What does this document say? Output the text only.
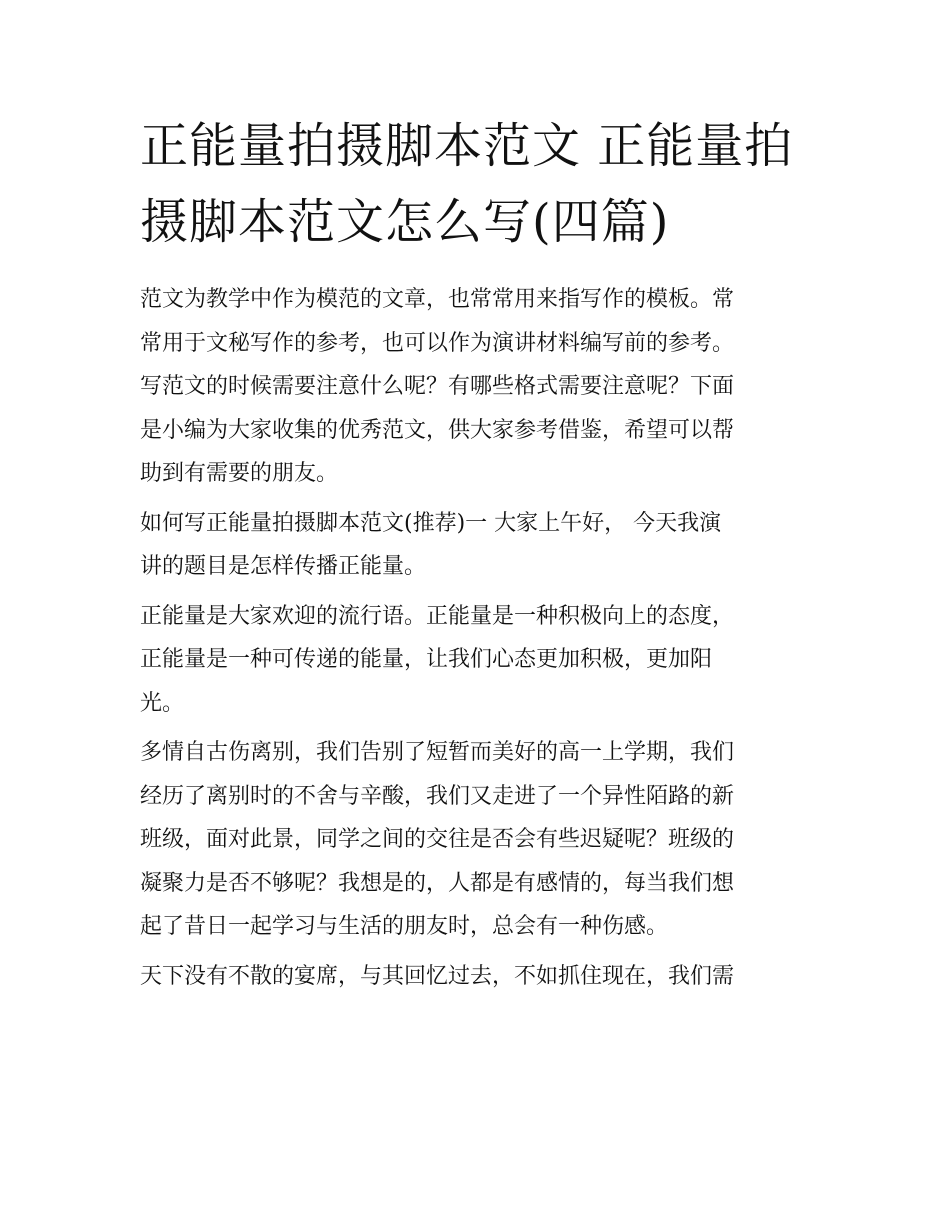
正能量拍摄脚本范文 正能量拍
摄脚本范文怎么写(四篇)

范文为教学中作为模范的文章，也常常用来指写作的模板。常
常用于文秘写作的参考，也可以作为演讲材料编写前的参考。
写范文的时候需要注意什么呢？有哪些格式需要注意呢？下面
是小编为大家收集的优秀范文，供大家参考借鉴，希望可以帮
助到有需要的朋友。

如何写正能量拍摄脚本范文(推荐)一 大家上午好， 今天我演
讲的题目是怎样传播正能量。

正能量是大家欢迎的流行语。正能量是一种积极向上的态度，
正能量是一种可传递的能量，让我们心态更加积极，更加阳
光。

多情自古伤离别，我们告别了短暂而美好的高一上学期，我们
经历了离别时的不舍与辛酸，我们又走进了一个异性陌路的新
班级，面对此景，同学之间的交往是否会有些迟疑呢？班级的
凝聚力是否不够呢？我想是的，人都是有感情的，每当我们想
起了昔日一起学习与生活的朋友时，总会有一种伤感。

天下没有不散的宴席，与其回忆过去，不如抓住现在，我们需
